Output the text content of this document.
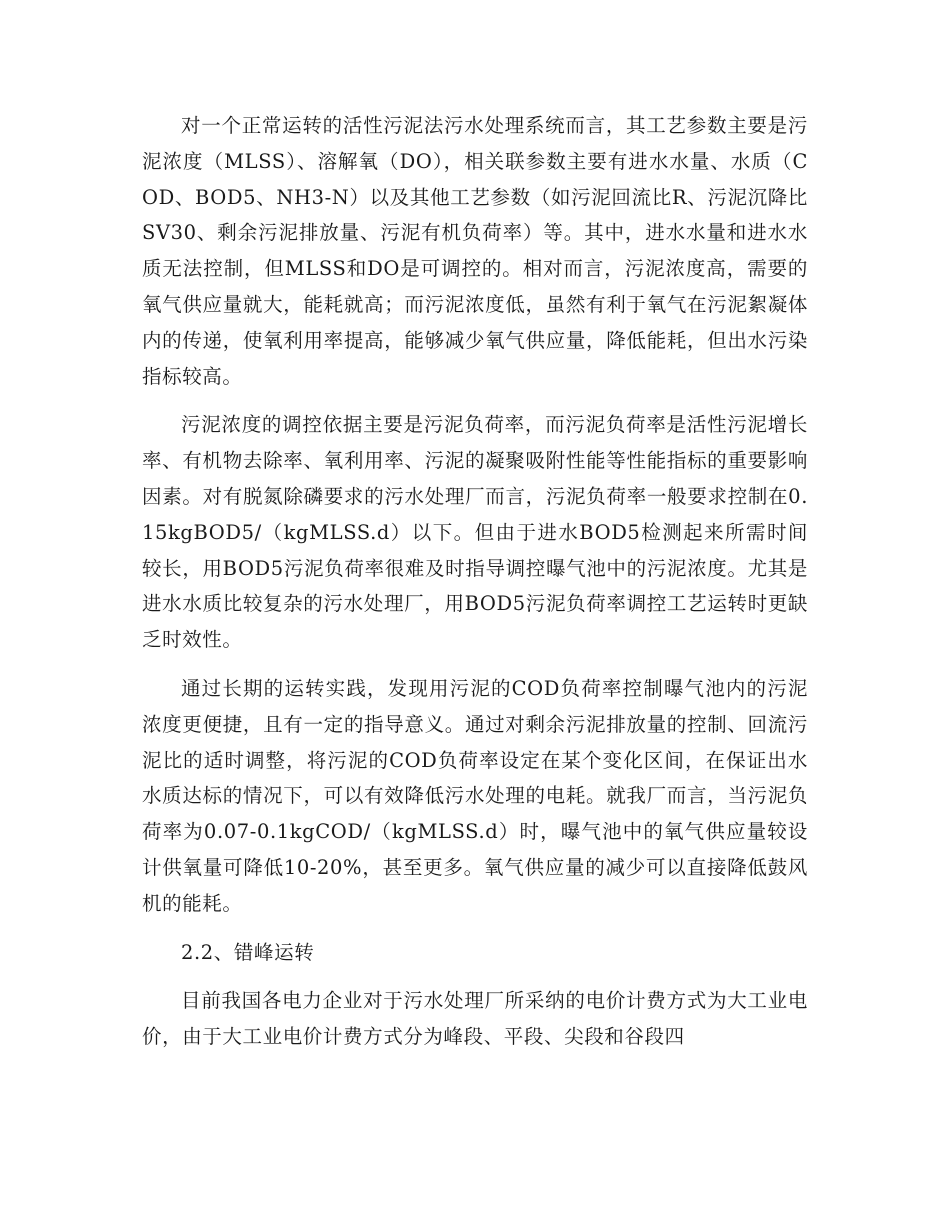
对一个正常运转的活性污泥法污水处理系统而言，其工艺参数主要是污泥浓度（MLSS）、溶解氧（DO），相关联参数主要有进水水量、水质（COD、BOD5、NH3-N）以及其他工艺参数（如污泥回流比R、污泥沉降比SV30、剩余污泥排放量、污泥有机负荷率）等。其中，进水水量和进水水质无法控制，但MLSS和DO是可调控的。相对而言，污泥浓度高，需要的氧气供应量就大，能耗就高；而污泥浓度低，虽然有利于氧气在污泥絮凝体内的传递，使氧利用率提高，能够减少氧气供应量，降低能耗，但出水污染指标较高。

污泥浓度的调控依据主要是污泥负荷率，而污泥负荷率是活性污泥增长率、有机物去除率、氧利用率、污泥的凝聚吸附性能等性能指标的重要影响因素。对有脱氮除磷要求的污水处理厂而言，污泥负荷率一般要求控制在0.15kgBOD5/（kgMLSS.d）以下。但由于进水BOD5检测起来所需时间较长，用BOD5污泥负荷率很难及时指导调控曝气池中的污泥浓度。尤其是进水水质比较复杂的污水处理厂，用BOD5污泥负荷率调控工艺运转时更缺乏时效性。

通过长期的运转实践，发现用污泥的COD负荷率控制曝气池内的污泥浓度更便捷，且有一定的指导意义。通过对剩余污泥排放量的控制、回流污泥比的适时调整，将污泥的COD负荷率设定在某个变化区间，在保证出水水质达标的情况下，可以有效降低污水处理的电耗。就我厂而言，当污泥负荷率为0.07-0.1kgCOD/（kgMLSS.d）时，曝气池中的氧气供应量较设计供氧量可降低10-20%，甚至更多。氧气供应量的减少可以直接降低鼓风机的能耗。

2.2、错峰运转

目前我国各电力企业对于污水处理厂所采纳的电价计费方式为大工业电价，由于大工业电价计费方式分为峰段、平段、尖段和谷段四
